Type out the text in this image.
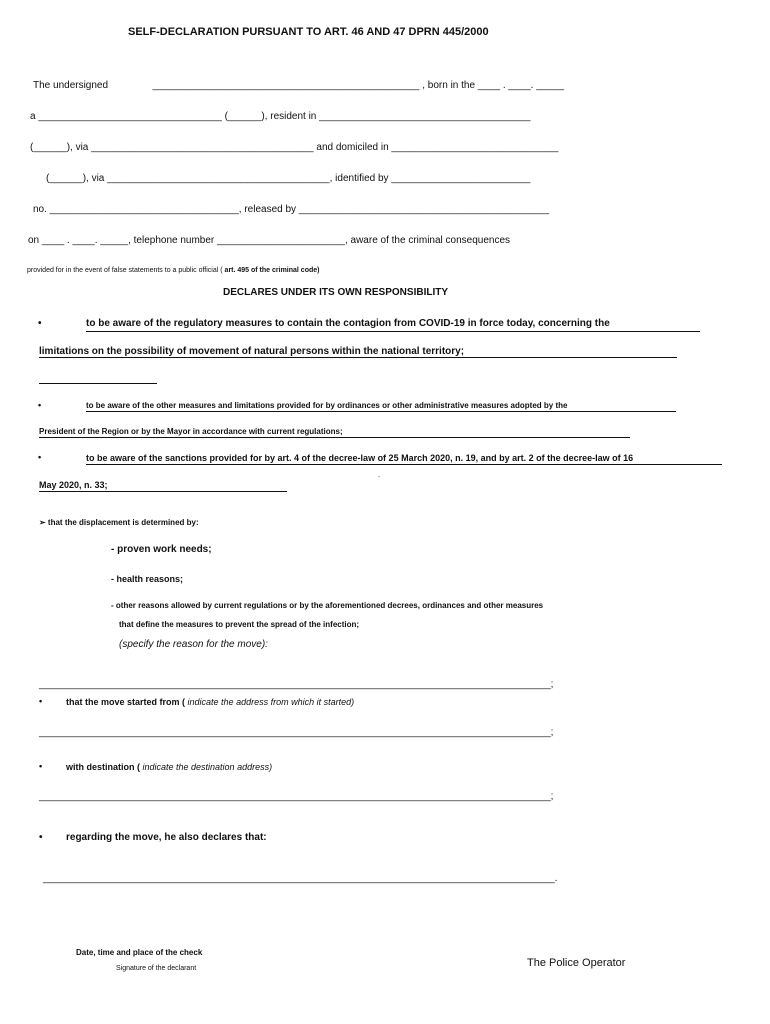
SELF-DECLARATION PURSUANT TO ART. 46 AND 47 DPRN 445/2000
The undersigned                ________________________________________________ , born in the ____ . ____. _____
a _________________________________ (______), resident in ______________________________________
(______), via ________________________________________ and domiciled in ______________________________
(______), via ________________________________________, identified by _________________________
no. __________________________________, released by _____________________________________________
on ____ . ____. _____, telephone number _______________________, aware of the criminal consequences
provided for in the event of false statements to a public official ( art. 495 of the criminal code)
DECLARES UNDER ITS OWN RESPONSIBILITY
•	to be aware of the regulatory measures to contain the contagion from COVID-19 in force today, concerning the
limitations on the possibility of movement of natural persons within the national territory;
•	to be aware of the other measures and limitations provided for by ordinances or other administrative measures adopted by the
President of the Region or by the Mayor in accordance with current regulations;
•	to be aware of the sanctions provided for by art. 4 of the decree-law of 25 March 2020, n. 19, and by art. 2 of the decree-law of 16
-
May 2020, n. 33;
➢ that the displacement is determined by:
- proven work needs;
- health reasons;
- other reasons allowed by current regulations or by the aforementioned decrees, ordinances and other measures
that define the measures to prevent the spread of the infection;
(specify the reason for the move):
____________________________________________________________________________________________;
•	that the move started from ( indicate the address from which it started)
____________________________________________________________________________________________;
•	with destination ( indicate the destination address)
____________________________________________________________________________________________;
• regarding the move, he also declares that:
____________________________________________________________________________________________.
Date, time and place of the check
Signature of the declarant	The Police Operator
